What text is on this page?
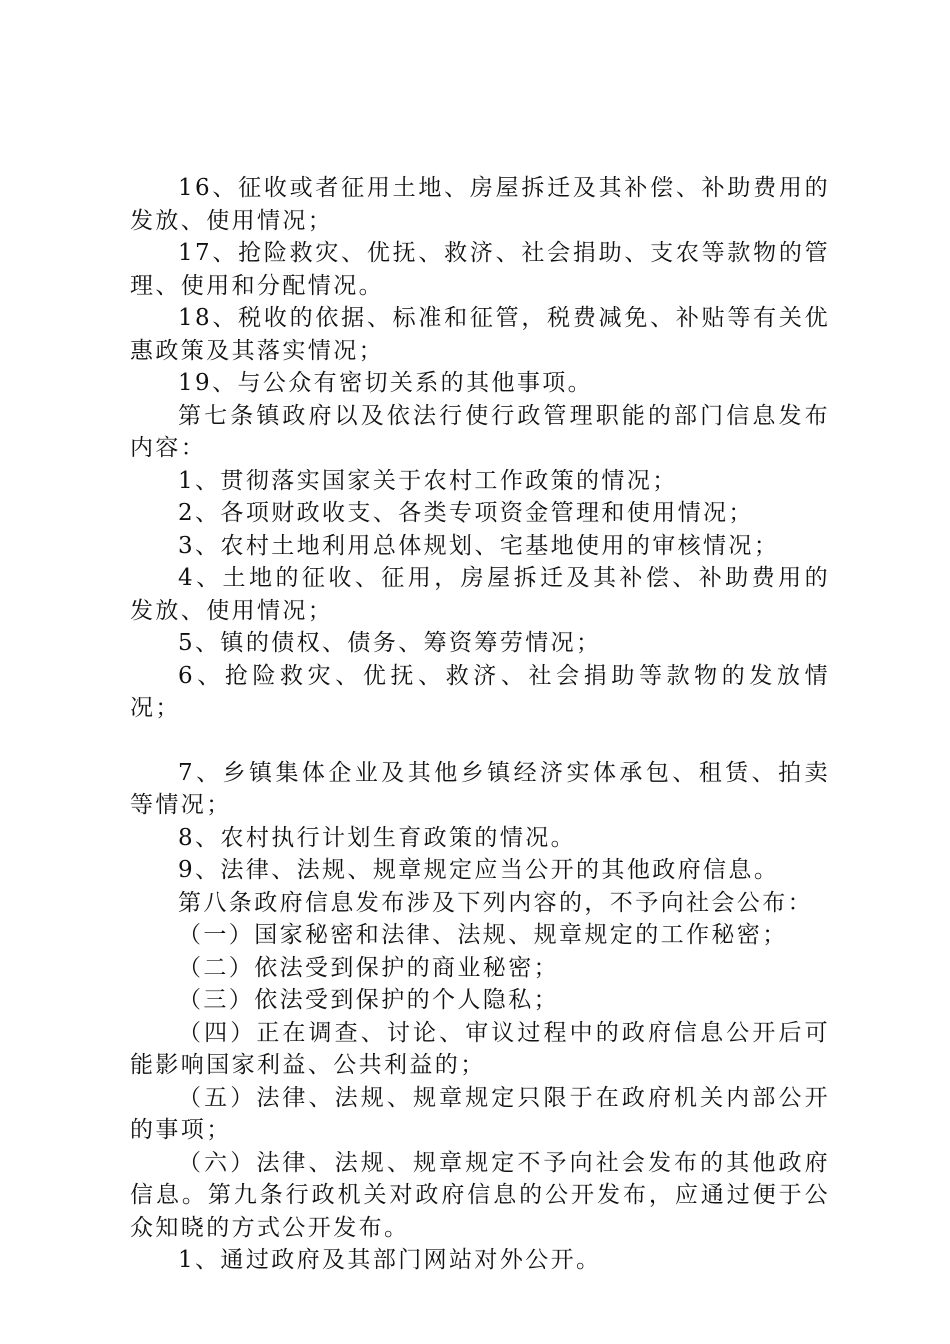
16、征收或者征用土地、房屋拆迁及其补偿、补助费用的发放、使用情况；

17、抢险救灾、优抚、救济、社会捐助、支农等款物的管理、使用和分配情况。

18、税收的依据、标准和征管，税费减免、补贴等有关优惠政策及其落实情况；

19、与公众有密切关系的其他事项。

第七条镇政府以及依法行使行政管理职能的部门信息发布内容：

1、贯彻落实国家关于农村工作政策的情况；

2、各项财政收支、各类专项资金管理和使用情况；

3、农村土地利用总体规划、宅基地使用的审核情况；

4、土地的征收、征用，房屋拆迁及其补偿、补助费用的发放、使用情况；

5、镇的债权、债务、筹资筹劳情况；

6、抢险救灾、优抚、救济、社会捐助等款物的发放情况；

7、乡镇集体企业及其他乡镇经济实体承包、租赁、拍卖等情况；

8、农村执行计划生育政策的情况。

9、法律、法规、规章规定应当公开的其他政府信息。

第八条政府信息发布涉及下列内容的，不予向社会公布：

（一）国家秘密和法律、法规、规章规定的工作秘密；

（二）依法受到保护的商业秘密；

（三）依法受到保护的个人隐私；

（四）正在调查、讨论、审议过程中的政府信息公开后可能影响国家利益、公共利益的；

（五）法律、法规、规章规定只限于在政府机关内部公开的事项；

（六）法律、法规、规章规定不予向社会发布的其他政府信息。第九条行政机关对政府信息的公开发布，应通过便于公众知晓的方式公开发布。

1、通过政府及其部门网站对外公开。
